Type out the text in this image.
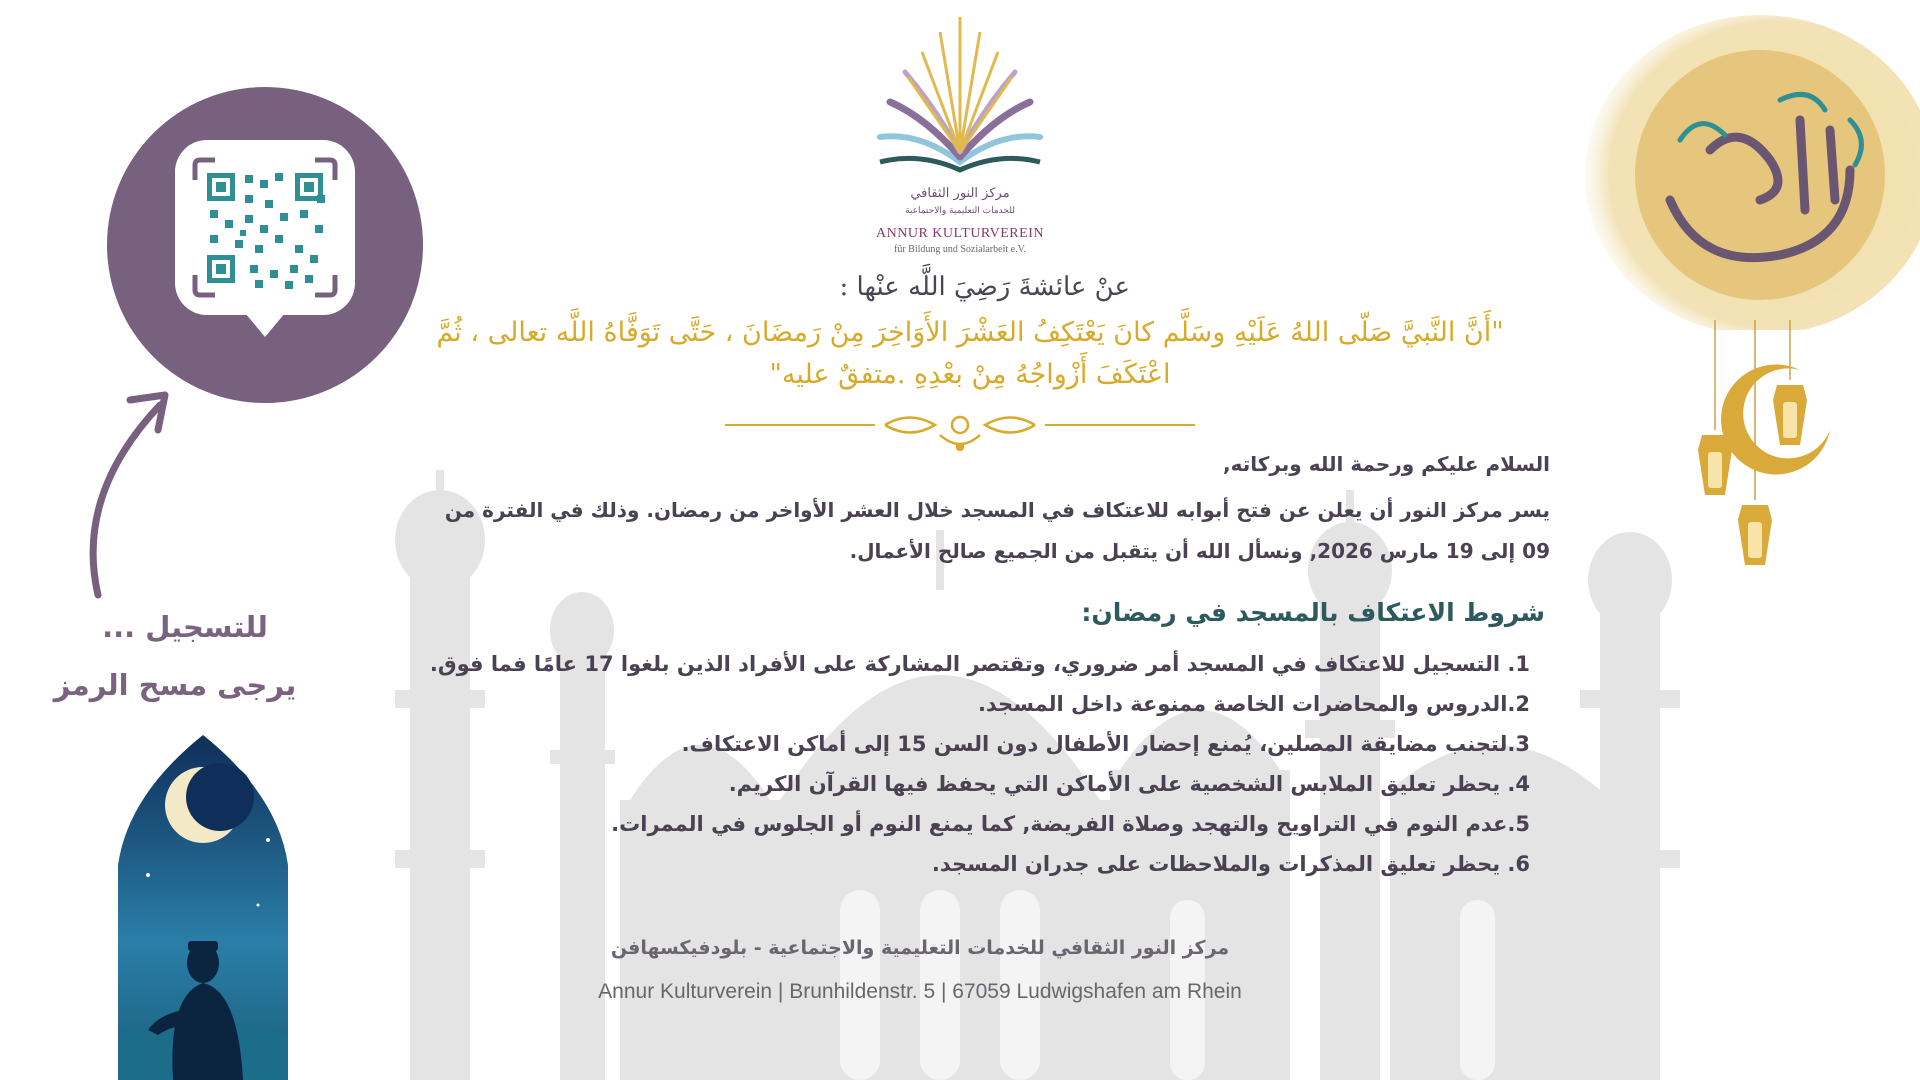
مركز النور الثقافي
للخدمات التعليمية والاجتماعية
ANNUR KULTURVEREIN
für Bildung und Sozialarbeit e.V.
عنْ عائشةَ رَضِيَ اللَّه عنْها :
"أَنَّ النَّبيَّ صَلّى اللهُ عَلَيْهِ وسَلَّم كانَ يَعْتَكِفُ العَشْرَ الأَوَاخِرَ مِنْ رَمضَانَ ، حَتَّى تَوَفَّاهُ اللَّه تعالى ، ثُمَّ اعْتَكَفَ أَزْواجُهُ مِنْ بعْدِهِ .متفقٌ عليه"
السلام عليكم ورحمة الله وبركاته,
يسر مركز النور أن يعلن عن فتح أبوابه للاعتكاف في المسجد خلال العشر الأواخر من رمضان. وذلك في الفترة من 09 إلى 19 مارس 2026, ونسأل الله أن يتقبل من الجميع صالح الأعمال.
شروط الاعتكاف بالمسجد في رمضان:
1. التسجيل للاعتكاف في المسجد أمر ضروري، وتقتصر المشاركة على الأفراد الذين بلغوا 17 عامًا فما فوق.
2.الدروس والمحاضرات الخاصة ممنوعة داخل المسجد.
3.لتجنب مضايقة المصلين، يُمنع إحضار الأطفال دون السن 15 إلى أماكن الاعتكاف.
4. يحظر تعليق الملابس الشخصية على الأماكن التي يحفظ فيها القرآن الكريم.
5.عدم النوم في التراويح والتهجد وصلاة الفريضة, كما يمنع النوم أو الجلوس في الممرات.
6. يحظر تعليق المذكرات والملاحظات على جدران المسجد.
مركز النور الثقافي للخدمات التعليمية والاجتماعية - بلودفيكسهافن
Annur Kulturverein | Brunhildenstr. 5 | 67059 Ludwigshafen am Rhein
للتسجيل ...
يرجى مسح الرمز
